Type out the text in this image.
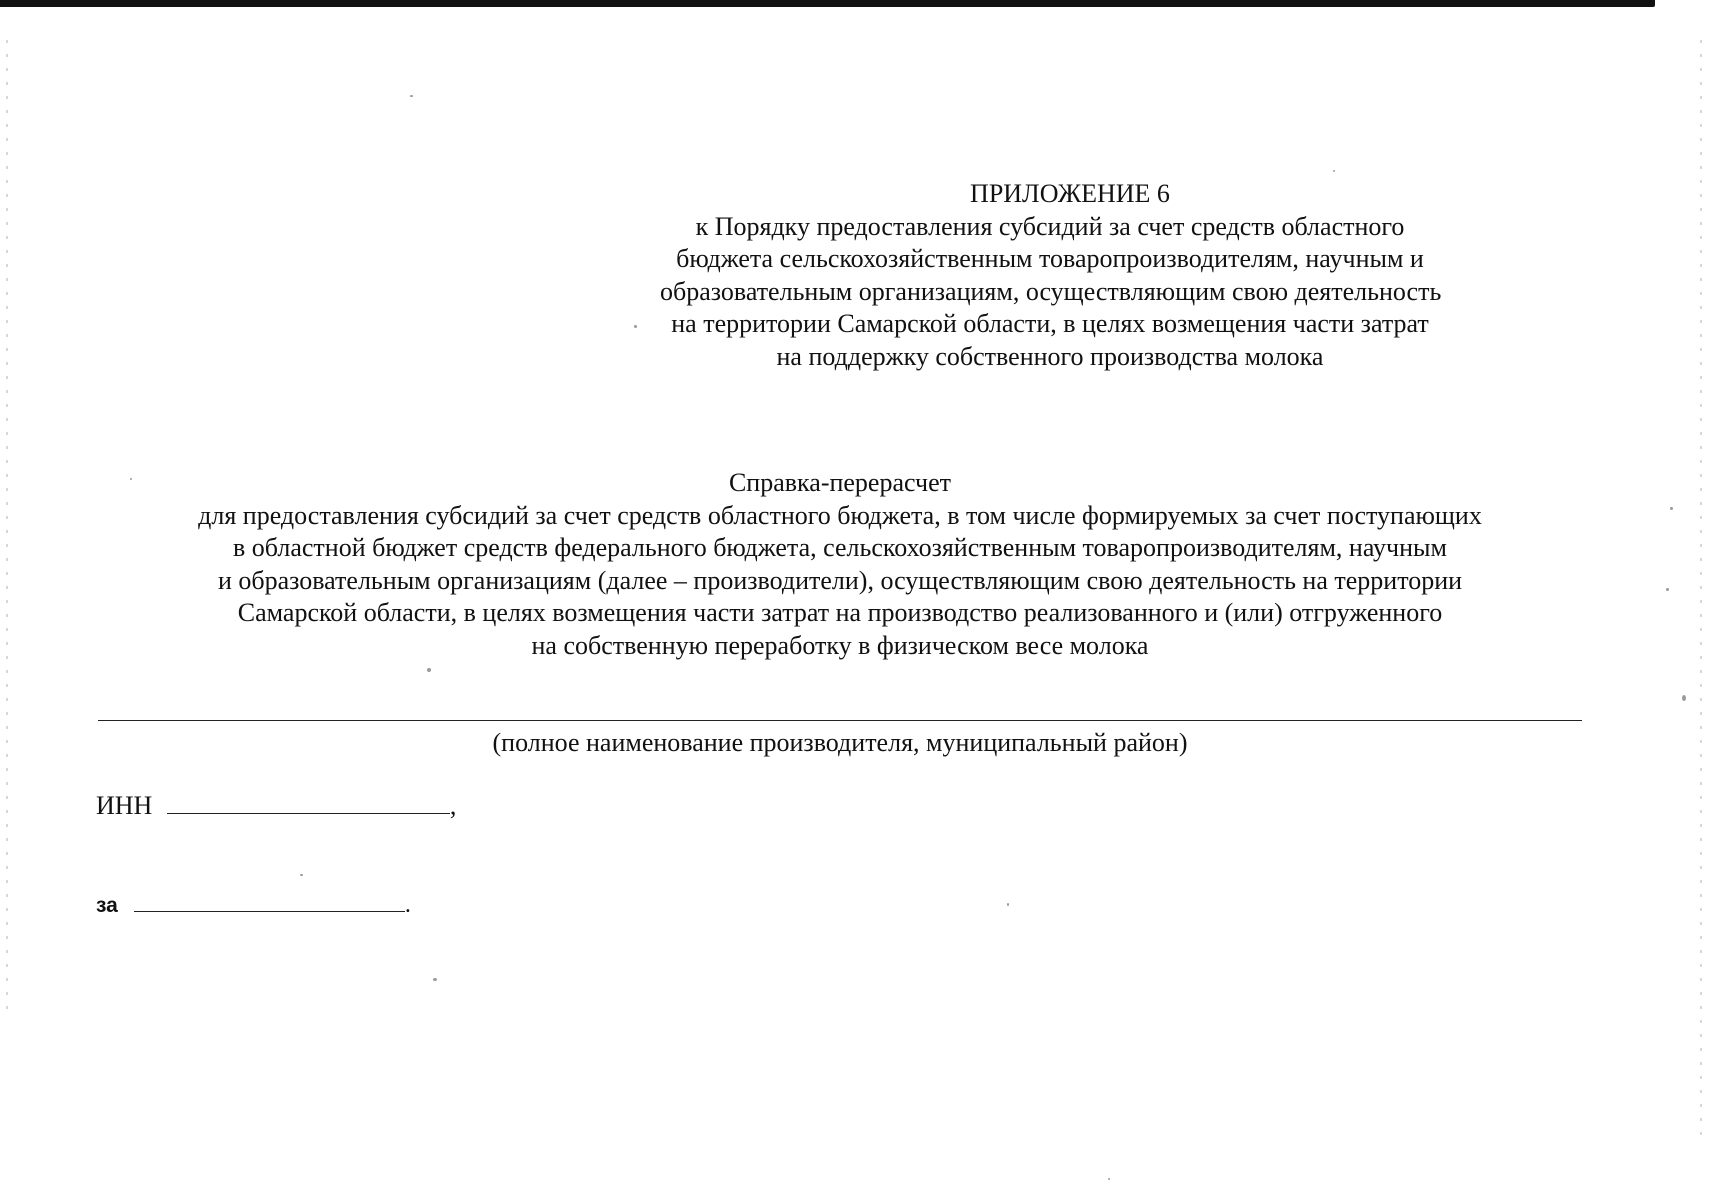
ПРИЛОЖЕНИЕ 6
к Порядку предоставления субсидий за счет средств областного
бюджета сельскохозяйственным товаропроизводителям, научным и
образовательным организациям, осуществляющим свою деятельность
на территории Самарской области, в целях возмещения части затрат
на поддержку собственного производства молока
Справка-перерасчет
для предоставления субсидий за счет средств областного бюджета, в том числе формируемых за счет поступающих
в областной бюджет средств федерального бюджета, сельскохозяйственным товаропроизводителям, научным
и образовательным организациям (далее – производители), осуществляющим свою деятельность на территории
Самарской области, в целях возмещения части затрат на производство реализованного и (или) отгруженного
на собственную переработку в физическом весе молока
(полное наименование производителя, муниципальный район)
ИНН	,
за	.
